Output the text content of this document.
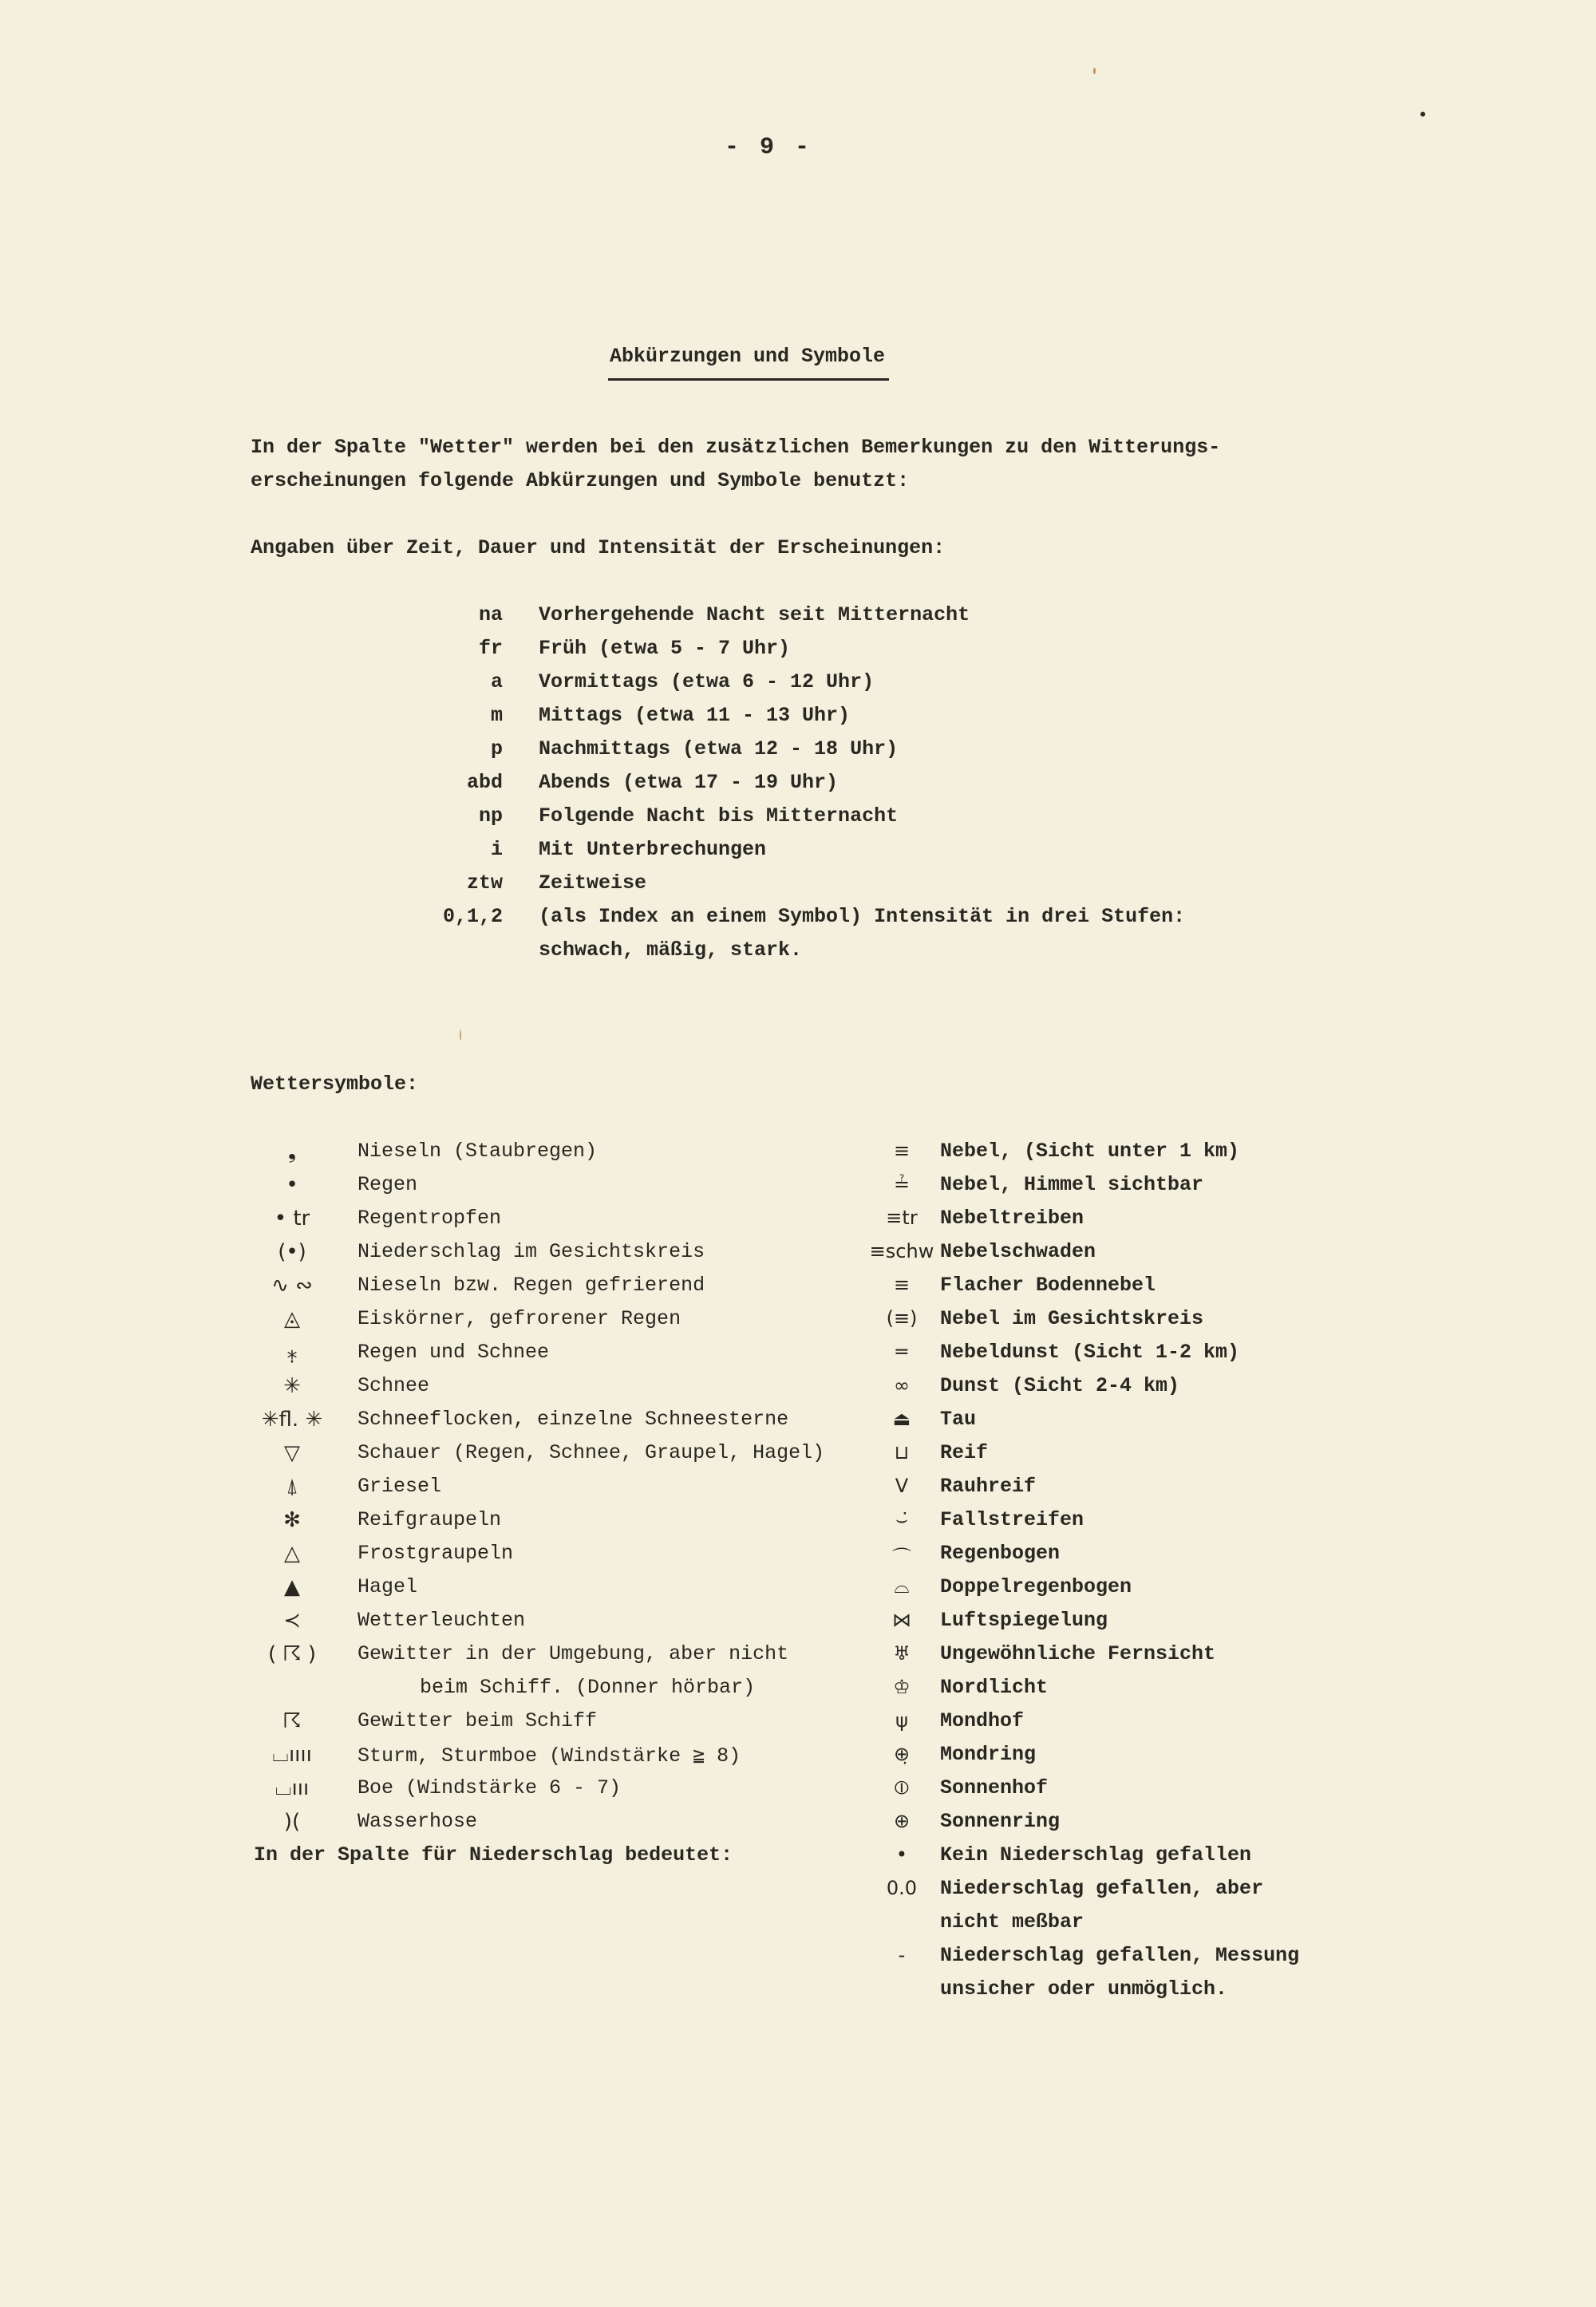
- 9 -
Abkürzungen und Symbole
In der Spalte "Wetter" werden bei den zusätzlichen Bemerkungen zu den Witterungs-
erscheinungen folgende Abkürzungen und Symbole benutzt:
Angaben über Zeit, Dauer und Intensität der Erscheinungen:
na Vorhergehende Nacht seit Mitternacht
fr Früh (etwa 5 - 7 Uhr)
a Vormittags (etwa 6 - 12 Uhr)
m Mittags (etwa 11 - 13 Uhr)
p Nachmittags (etwa 12 - 18 Uhr)
abd Abends (etwa 17 - 19 Uhr)
np Folgende Nacht bis Mitternacht
i Mit Unterbrechungen
ztw Zeitweise
0,1,2 (als Index an einem Symbol) Intensität in drei Stufen:
schwach, mäßig, stark.
Wettersymbole:
❟	Nieseln (Staubregen)
•	Regen
• tr	Regentropfen
(•)	Niederschlag im Gesichtskreis
∿ ∾	Nieseln bzw. Regen gefrierend
◬	Eiskörner, gefrorener Regen
⁎̣	Regen und Schnee
✳	Schnee
✳fl. ✳	Schneeflocken, einzelne Schneesterne
▽	Schauer (Regen, Schnee, Graupel, Hagel)
⍋	Griesel
✻	Reifgraupeln
△	Frostgraupeln
▲	Hagel
≺	Wetterleuchten
( ☈ )	Gewitter in der Umgebung, aber nicht
beim Schiff. (Donner hörbar)
☈	Gewitter beim Schiff
⌴ıııı	Sturm, Sturmboe (Windstärke ≧ 8)
⌴ııı	Boe (Windstärke 6 - 7)
)(	Wasserhose
≡	Nebel, (Sicht unter 1 km)
≟	Nebel, Himmel sichtbar
≡tr	Nebeltreiben
≡schw Nebelschwaden
≡	Flacher Bodennebel
(≡)	Nebel im Gesichtskreis
═	Nebeldunst (Sicht 1-2 km)
∞	Dunst (Sicht 2-4 km)
⏏	Tau
⊔	Reif
V	Rauhreif
⌣̇	Fallstreifen
⌒	Regenbogen
⌓	Doppelregenbogen
⋈	Luftspiegelung
♅	Ungewöhnliche Fernsicht
♔	Nordlicht
ψ	Mondhof
⊕̣	Mondring
⦶	Sonnenhof
⊕	Sonnenring
•	Kein Niederschlag gefallen
0.0	Niederschlag gefallen, aber
nicht meßbar
-	Niederschlag gefallen, Messung
unsicher oder unmöglich.
In der Spalte für Niederschlag bedeutet:
